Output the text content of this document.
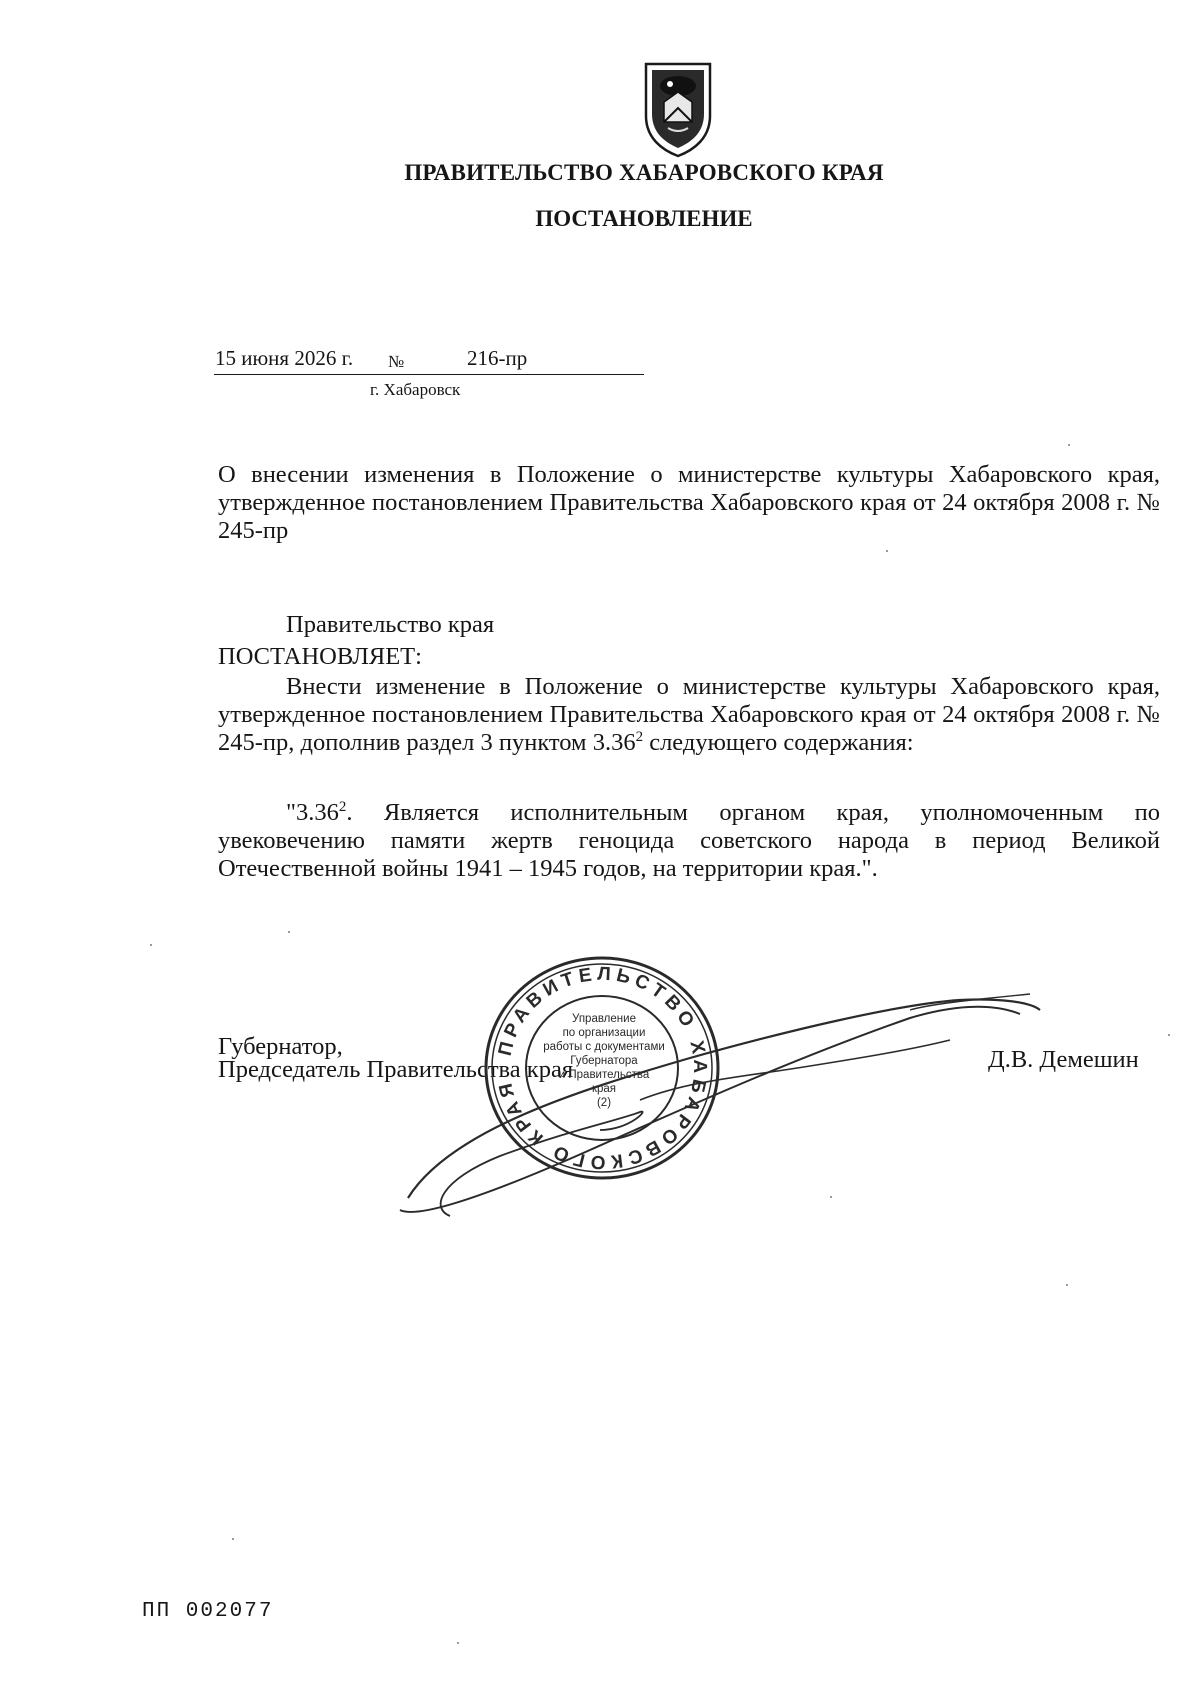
ПРАВИТЕЛЬСТВО ХАБАРОВСКОГО КРАЯ
ПОСТАНОВЛЕНИЕ
15 июня 2026 г. №	216-пр
г. Хабаровск
О внесении изменения в Положение о министерстве культуры Хабаровского края, утвержденное постановлением Правительства Хабаровского края от 24 октября 2008 г. № 245-пр
Правительство края
ПОСТАНОВЛЯЕТ:
Внести изменение в Положение о министерстве культуры Хабаровского края, утвержденное постановлением Правительства Хабаровского края от 24 октября 2008 г. № 245-пр, дополнив раздел 3 пунктом 3.36$^2$ следующего содержания:
"3.36$^2$. Является исполнительным органом края, уполномоченным по увековечению памяти жертв геноцида советского народа в период Великой Отечественной войны 1941 – 1945 годов, на территории края.".
Губернатор,
Председатель Правительства края	Д.В. Демешин
ПРАВИТЕЛЬСТВО ХАБАРОВСКОГО КРАЯ
Управление
по организации
работы с документами
Губернатора
и Правительства
края
(2)
ПП 002077
